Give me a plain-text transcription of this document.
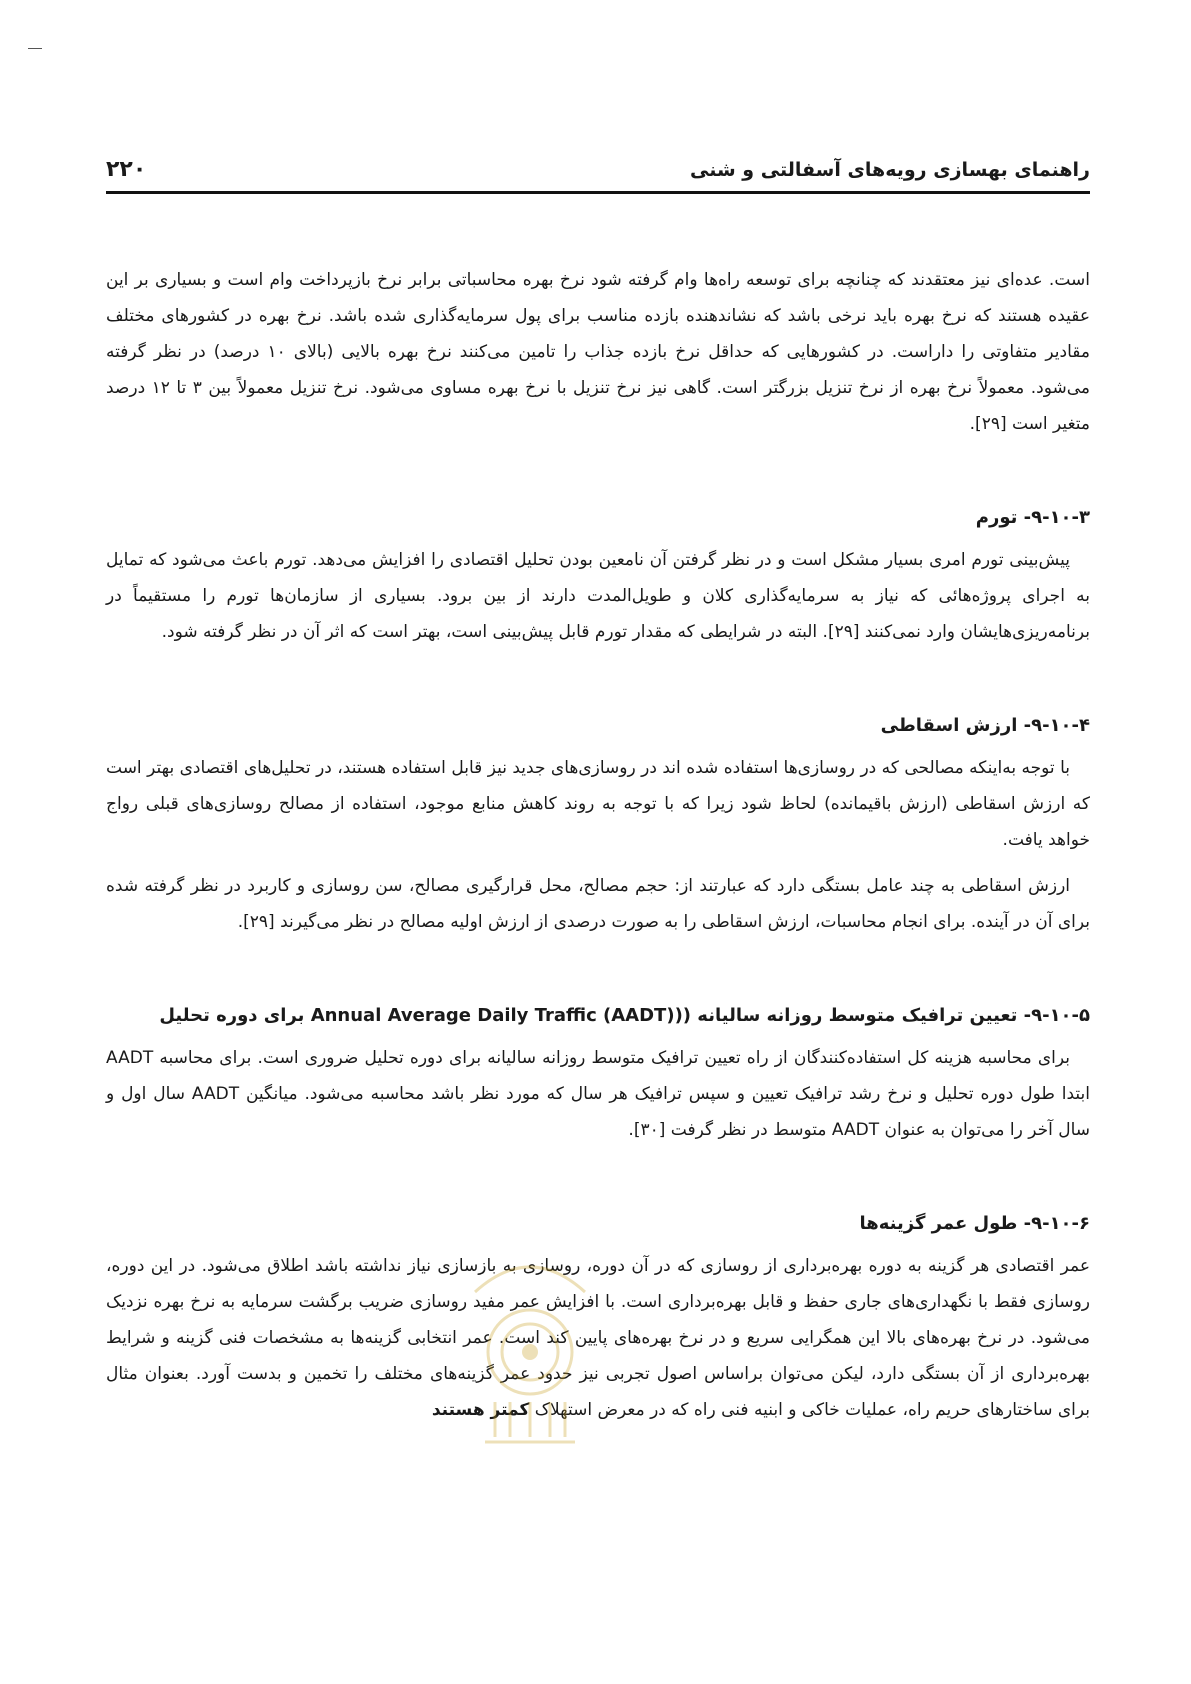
۲۲۰	راهنمای بهسازی رویه‌های آسفالتی و شنی

است. عده‌ای نیز معتقدند که چنانچه برای توسعه راه‌ها وام گرفته شود نرخ بهره محاسباتی برابر نرخ بازپرداخت وام است و بسیاری بر این عقیده هستند که نرخ بهره باید نرخی باشد که نشاندهنده بازده مناسب برای پول سرمایه‌گذاری شده باشد. نرخ بهره در کشورهای مختلف مقادیر متفاوتی را داراست. در کشورهایی که حداقل نرخ بازده جذاب را تامین می‌کنند نرخ بهره بالایی (بالای ۱۰ درصد) در نظر گرفته می‌شود. معمولاً نرخ بهره از نرخ تنزیل بزرگتر است. گاهی نیز نرخ تنزیل با نرخ بهره مساوی می‌شود. نرخ تنزیل معمولاً بین ۳ تا ۱۲ درصد متغیر است [۲۹].

۹-۱۰-۳- تورم

پیش‌بینی تورم امری بسیار مشکل است و در نظر گرفتن آن نامعین بودن تحلیل اقتصادی را افزایش می‌دهد. تورم باعث می‌شود که تمایل به اجرای پروژه‌هائی که نیاز به سرمایه‌گذاری کلان و طویل‌المدت دارند از بین برود. بسیاری از سازمان‌ها تورم را مستقیماً در برنامه‌ریزی‌هایشان وارد نمی‌کنند [۲۹]. البته در شرایطی که مقدار تورم قابل پیش‌بینی است، بهتر است که اثر آن در نظر گرفته شود.

۹-۱۰-۴- ارزش اسقاطی

با توجه به‌اینکه مصالحی که در روسازی‌ها استفاده شده اند در روسازی‌های جدید نیز قابل استفاده هستند، در تحلیل‌های اقتصادی بهتر است که ارزش اسقاطی (ارزش باقیمانده) لحاظ شود زیرا که با توجه به روند کاهش منابع موجود، استفاده از مصالح روسازی‌های قبلی رواج خواهد یافت.

ارزش اسقاطی به چند عامل بستگی دارد که عبارتند از: حجم مصالح، محل قرارگیری مصالح، سن روسازی و کاربرد در نظر گرفته شده برای آن در آینده. برای انجام محاسبات، ارزش اسقاطی را به صورت درصدی از ارزش اولیه مصالح در نظر می‌گیرند [۲۹].

۹-۱۰-۵- تعیین ترافیک متوسط روزانه سالیانه ((Annual Average Daily Traffic (AADT) برای دوره تحلیل

برای محاسبه هزینه کل استفاده‌کنندگان از راه تعیین ترافیک متوسط روزانه سالیانه برای دوره تحلیل ضروری است. برای محاسبه AADT ابتدا طول دوره تحلیل و نرخ رشد ترافیک تعیین و سپس ترافیک هر سال که مورد نظر باشد محاسبه می‌شود. میانگین AADT سال اول و سال آخر را می‌توان به عنوان AADT متوسط در نظر گرفت [۳۰].

۹-۱۰-۶- طول عمر گزینه‌ها

عمر اقتصادی هر گزینه به دوره بهره‌برداری از روسازی که در آن دوره، روسازی به بازسازی نیاز نداشته باشد اطلاق می‌شود. در این دوره، روسازی فقط با نگهداری‌های جاری حفظ و قابل بهره‌برداری است. با افزایش عمر مفید روسازی ضریب برگشت سرمایه به نرخ بهره نزدیک می‌شود. در نرخ بهره‌های بالا این همگرایی سریع و در نرخ بهره‌های پایین کند است. عمر انتخابی گزینه‌ها به مشخصات فنی گزینه و شرایط بهره‌برداری از آن بستگی دارد، لیکن می‌توان براساس اصول تجربی نیز حدود عمر گزینه‌های مختلف را تخمین و بدست آورد. بعنوان مثال برای ساختارهای حریم راه، عملیات خاکی و ابنیه فنی راه که در معرض استهلاک کمتر هستند
